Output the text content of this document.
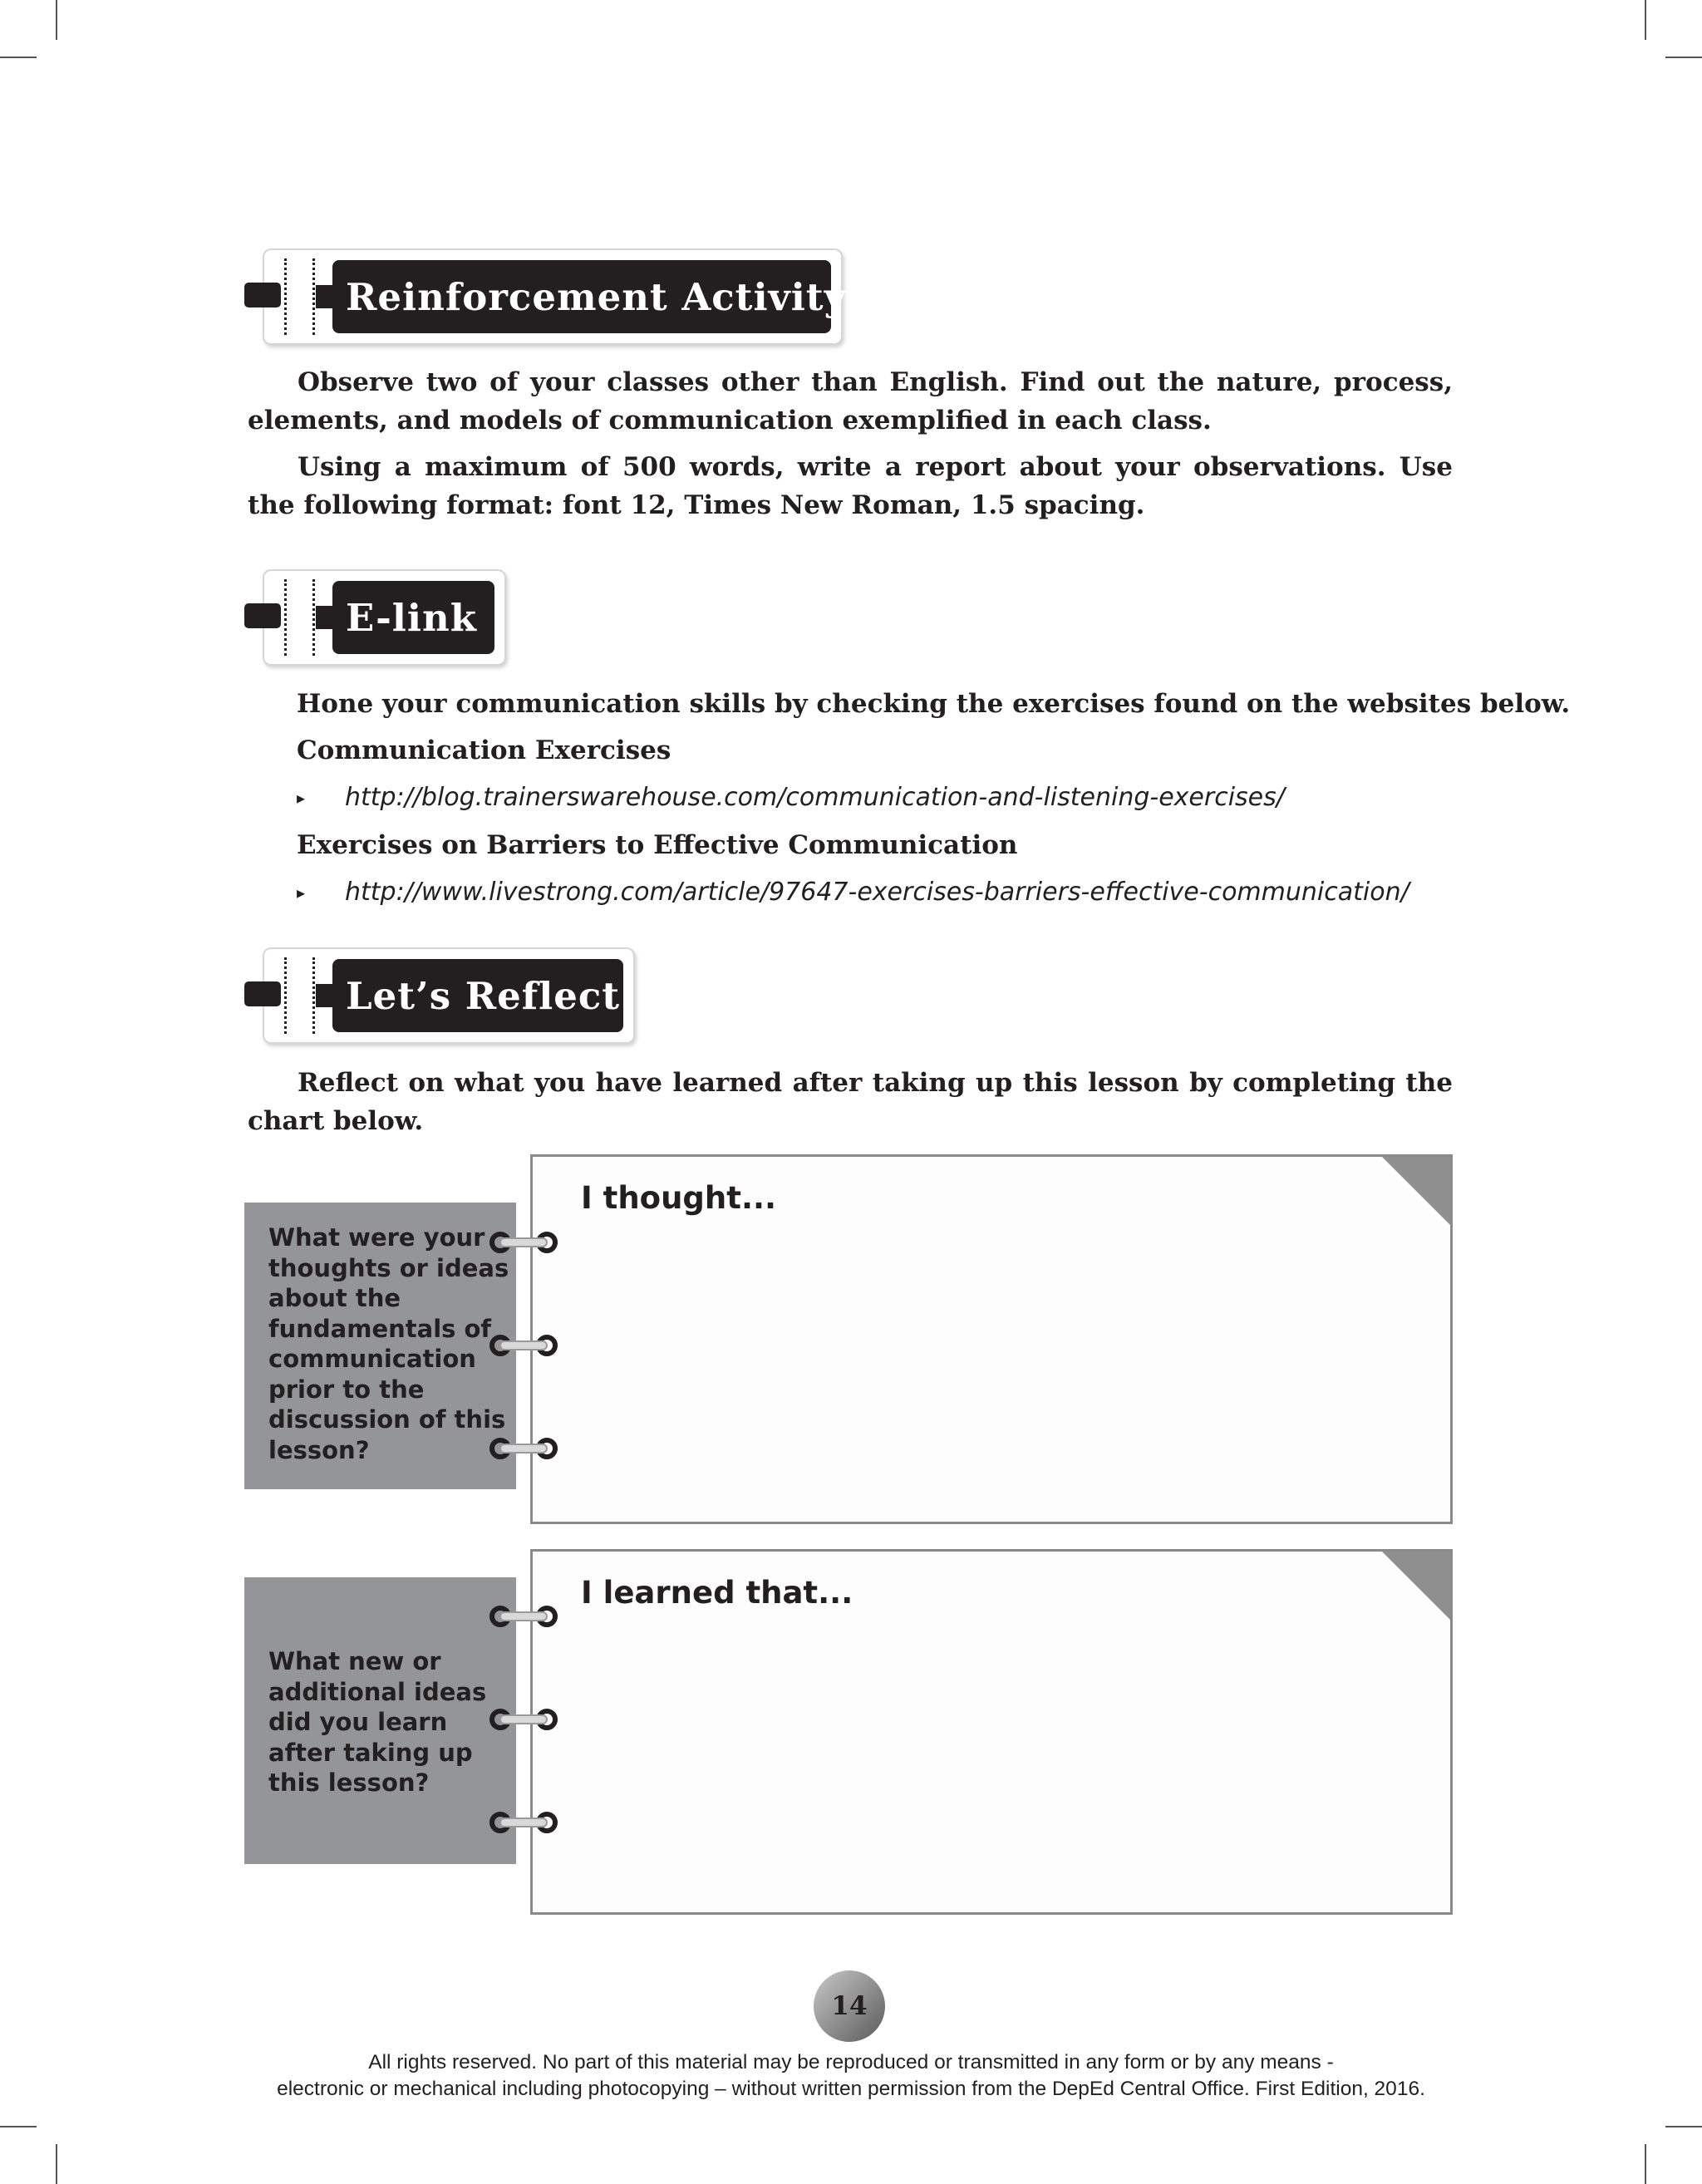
Reinforcement Activity

Observe two of your classes other than English. Find out the nature, process, elements, and models of communication exemplified in each class.

Using a maximum of 500 words, write a report about your observations. Use the following format: font 12, Times New Roman, 1.5 spacing.

E-link

Hone your communication skills by checking the exercises found on the websites below.

Communication Exercises

▸ http://blog.trainerswarehouse.com/communication-and-listening-exercises/

Exercises on Barriers to Effective Communication

▸ http://www.livestrong.com/article/97647-exercises-barriers-effective-communication/
Let’s Reflect

Reflect on what you have learned after taking up this lesson by completing the chart below.

What were your thoughts or ideas about the fundamentals of communication prior to the discussion of this lesson?
I thought...
What new or additional ideas did you learn after taking up this lesson?
I learned that...
14
All rights reserved. No part of this material may be reproduced or transmitted in any form or by any means -
electronic or mechanical including photocopying – without written permission from the DepEd Central Office. First Edition, 2016.
